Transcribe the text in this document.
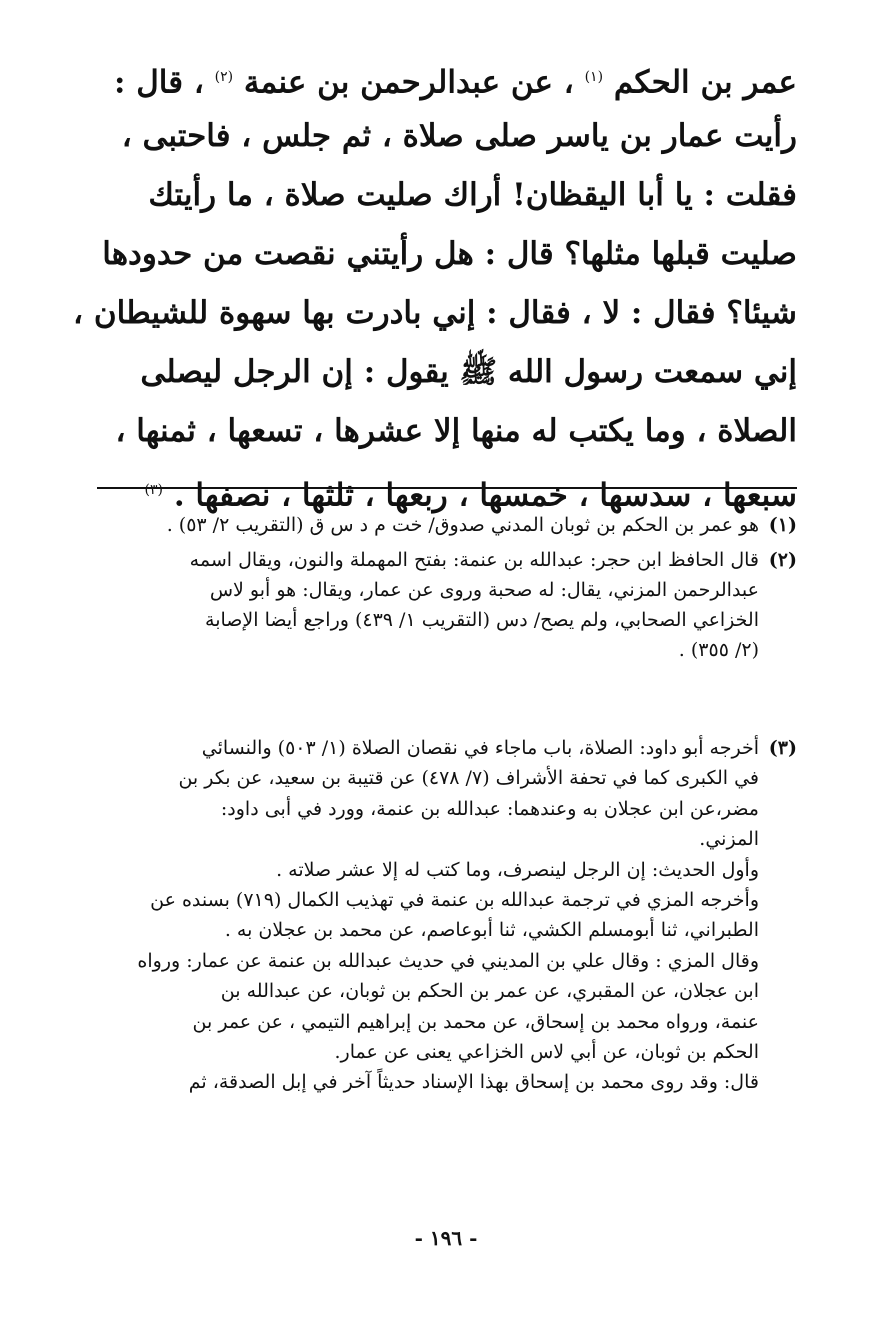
عمر بن الحكم $^{(١)}$ ، عن عبدالرحمن بن عنمة $^{(٢)}$ ، قال :
رأيت عمار بن ياسر صلى صلاة ، ثم جلس ، فاحتبى ،
فقلت : يا أبا اليقظان! أراك صليت صلاة ، ما رأيتك
صليت قبلها مثلها؟ قال : هل رأيتني نقصت من حدودها
شيئا؟ فقال : لا ، فقال : إني بادرت بها سهوة للشيطان ،
إني سمعت رسول الله ﷺ يقول : إن الرجل ليصلى
الصلاة ، وما يكتب له منها إلا عشرها ، تسعها ، ثمنها ،
سبعها ، سدسها ، خمسها ، ربعها ، ثلثها ، نصفها . $^{(٣)}$
(١)
هو عمر بن الحكم بن ثوبان المدني صدوق/ خت م د س ق (التقريب ٢/ ٥٣) .
(٢)
قال الحافظ ابن حجر: عبدالله بن عنمة: بفتح المهملة والنون، ويقال اسمه
عبدالرحمن المزني، يقال: له صحبة وروى عن عمار، ويقال: هو أبو لاس
الخزاعي الصحابي، ولم يصح/ دس (التقريب ١/ ٤٣٩) وراجع أيضا الإصابة
(٢/ ٣٥٥) .
(٣)
أخرجه أبو داود: الصلاة، باب ماجاء في نقصان الصلاة (١/ ٥٠٣) والنسائي
في الكبرى كما في تحفة الأشراف (٧/ ٤٧٨) عن قتيبة بن سعيد، عن بكر بن
مضر،عن ابن عجلان به وعندهما: عبدالله بن عنمة، وورد في أبى داود:
المزني.
وأول الحديث: إن الرجل لينصرف، وما كتب له إلا عشر صلاته .
وأخرجه المزي في ترجمة عبدالله بن عنمة في تهذيب الكمال (٧١٩) بسنده عن
الطبراني، ثنا أبومسلم الكشي، ثنا أبوعاصم، عن محمد بن عجلان به .
وقال المزي : وقال علي بن المديني في حديث عبدالله بن عنمة عن عمار: ورواه
ابن عجلان، عن المقبري، عن عمر بن الحكم بن ثوبان، عن عبدالله بن
عنمة، ورواه محمد بن إسحاق، عن محمد بن إبراهيم التيمي ، عن عمر بن
الحكم بن ثوبان، عن أبي لاس الخزاعي يعنى عن عمار.
قال: وقد روى محمد بن إسحاق بهذا الإسناد حديثاً آخر في إبل الصدقة، ثم
- ١٩٦ -
